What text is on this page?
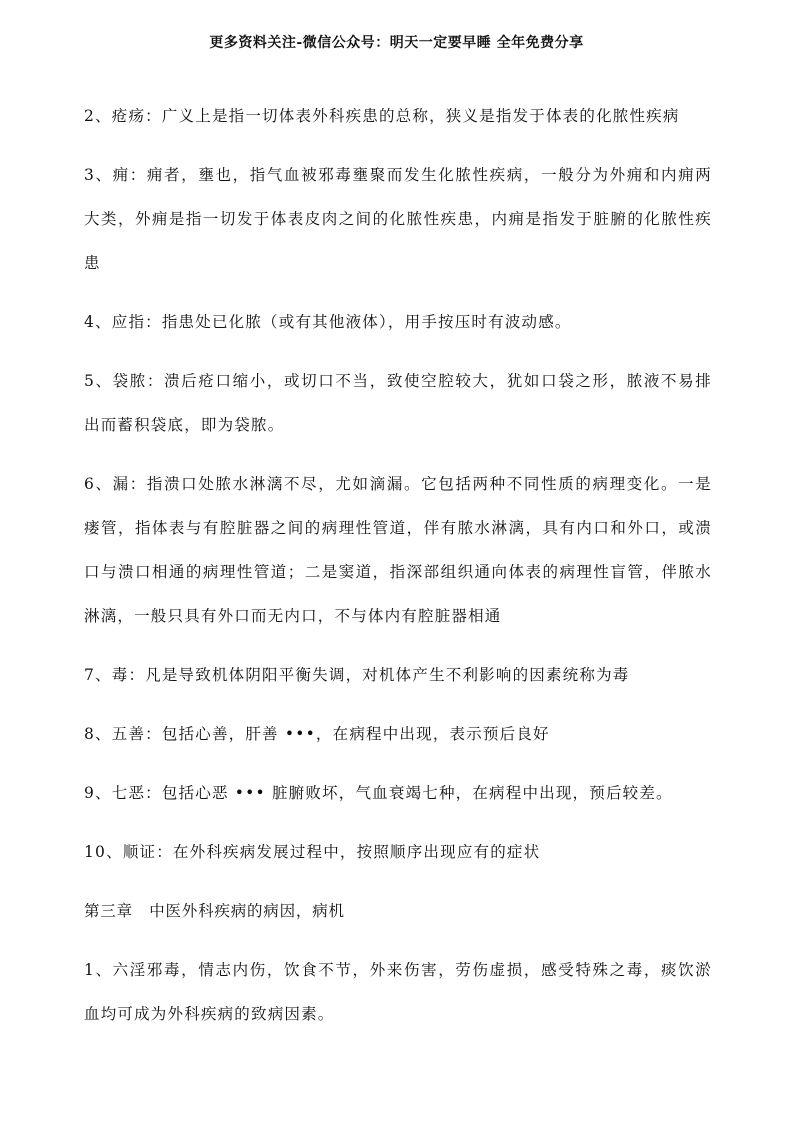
更多资料关注-微信公众号：明天一定要早睡 全年免费分享

2、疮疡：广义上是指一切体表外科疾患的总称，狭义是指发于体表的化脓性疾病

3、痈：痈者，壅也，指气血被邪毒壅聚而发生化脓性疾病，一般分为外痈和内痈两大类，外痈是指一切发于体表皮肉之间的化脓性疾患，内痈是指发于脏腑的化脓性疾患

4、应指：指患处已化脓（或有其他液体），用手按压时有波动感。

5、袋脓：溃后疮口缩小，或切口不当，致使空腔较大，犹如口袋之形，脓液不易排出而蓄积袋底，即为袋脓。

6、漏：指溃口处脓水淋漓不尽，尤如滴漏。它包括两种不同性质的病理变化。一是瘘管，指体表与有腔脏器之间的病理性管道，伴有脓水淋漓，具有内口和外口，或溃口与溃口相通的病理性管道；二是窦道，指深部组织通向体表的病理性盲管，伴脓水淋漓，一般只具有外口而无内口，不与体内有腔脏器相通

7、毒：凡是导致机体阴阳平衡失调，对机体产生不利影响的因素统称为毒

8、五善：包括心善，肝善 •••，在病程中出现，表示预后良好

9、七恶：包括心恶 ••• 脏腑败坏，气血衰竭七种，在病程中出现，预后较差。

10、顺证：在外科疾病发展过程中，按照顺序出现应有的症状

第三章　中医外科疾病的病因，病机

1、六淫邪毒，情志内伤，饮食不节，外来伤害，劳伤虚损，感受特殊之毒，痰饮淤血均可成为外科疾病的致病因素。
